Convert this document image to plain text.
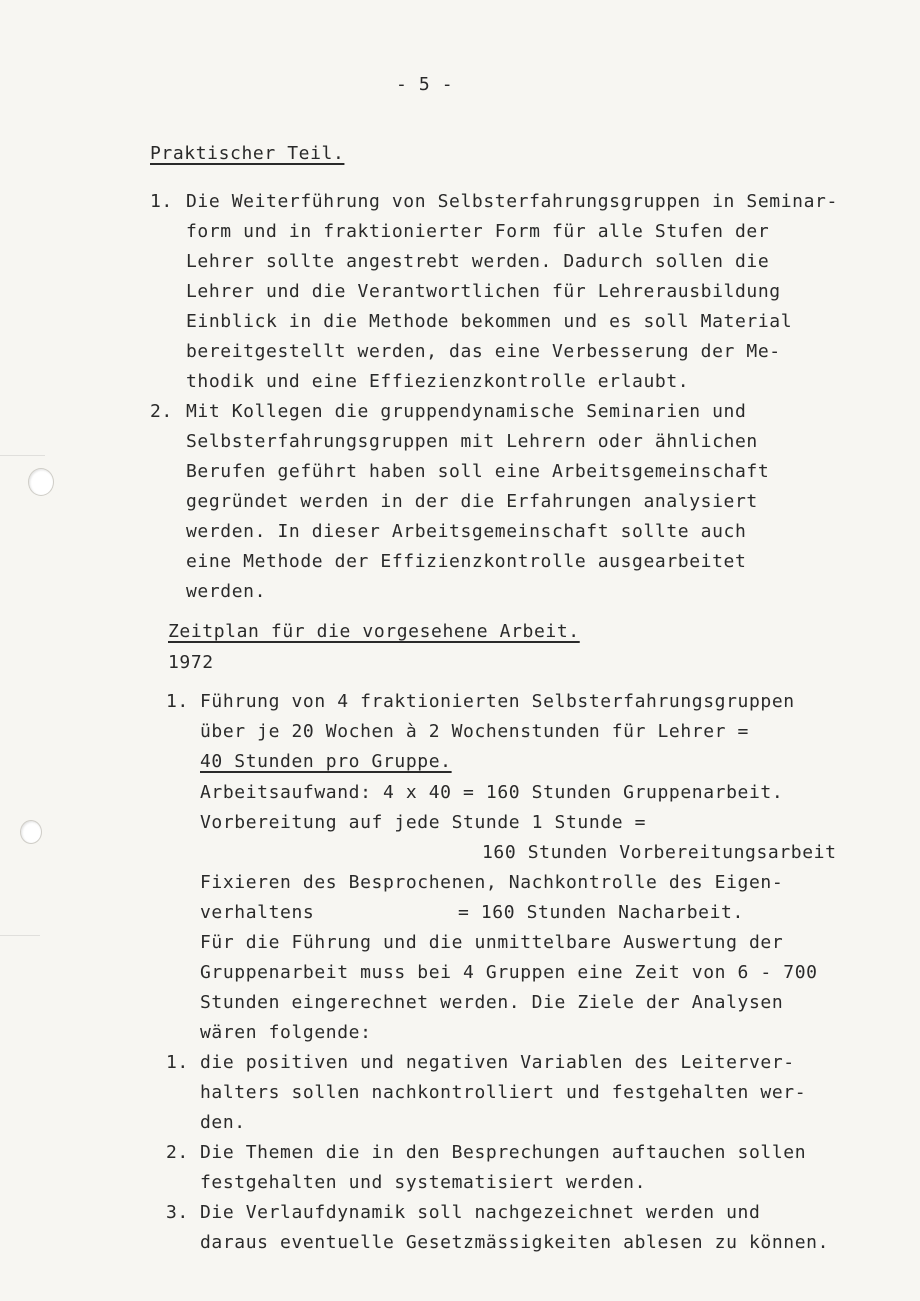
- 5 -
Praktischer Teil.
1. Die Weiterführung von Selbsterfahrungsgruppen in Seminar-
form und in fraktionierter Form für alle Stufen der
Lehrer sollte angestrebt werden. Dadurch sollen die
Lehrer und die Verantwortlichen für Lehrerausbildung
Einblick in die Methode bekommen und es soll Material
bereitgestellt werden, das eine Verbesserung der Me-
thodik und eine Effiezienzkontrolle erlaubt.
2. Mit Kollegen die gruppendynamische Seminarien und
Selbsterfahrungsgruppen mit Lehrern oder ähnlichen
Berufen geführt haben soll eine Arbeitsgemeinschaft
gegründet werden in der die Erfahrungen analysiert
werden. In dieser Arbeitsgemeinschaft sollte auch
eine Methode der Effizienzkontrolle ausgearbeitet
werden.
Zeitplan für die vorgesehene Arbeit.
1972
1. Führung von 4 fraktionierten Selbsterfahrungsgruppen
über je 20 Wochen à 2 Wochenstunden für Lehrer =
40 Stunden pro Gruppe.
Arbeitsaufwand: 4 x 40 = 160 Stunden Gruppenarbeit.
Vorbereitung auf jede Stunde 1 Stunde =
160 Stunden Vorbereitungsarbeit
Fixieren des Besprochenen, Nachkontrolle des Eigen-
verhaltens	= 160 Stunden Nacharbeit.
Für die Führung und die unmittelbare Auswertung der
Gruppenarbeit muss bei 4 Gruppen eine Zeit von 6 - 700
Stunden eingerechnet werden. Die Ziele der Analysen
wären folgende:
1. die positiven und negativen Variablen des Leiterver-
halters sollen nachkontrolliert und festgehalten wer-
den.
2. Die Themen die in den Besprechungen auftauchen sollen
festgehalten und systematisiert werden.
3. Die Verlaufdynamik soll nachgezeichnet werden und
daraus eventuelle Gesetzmässigkeiten ablesen zu können.
